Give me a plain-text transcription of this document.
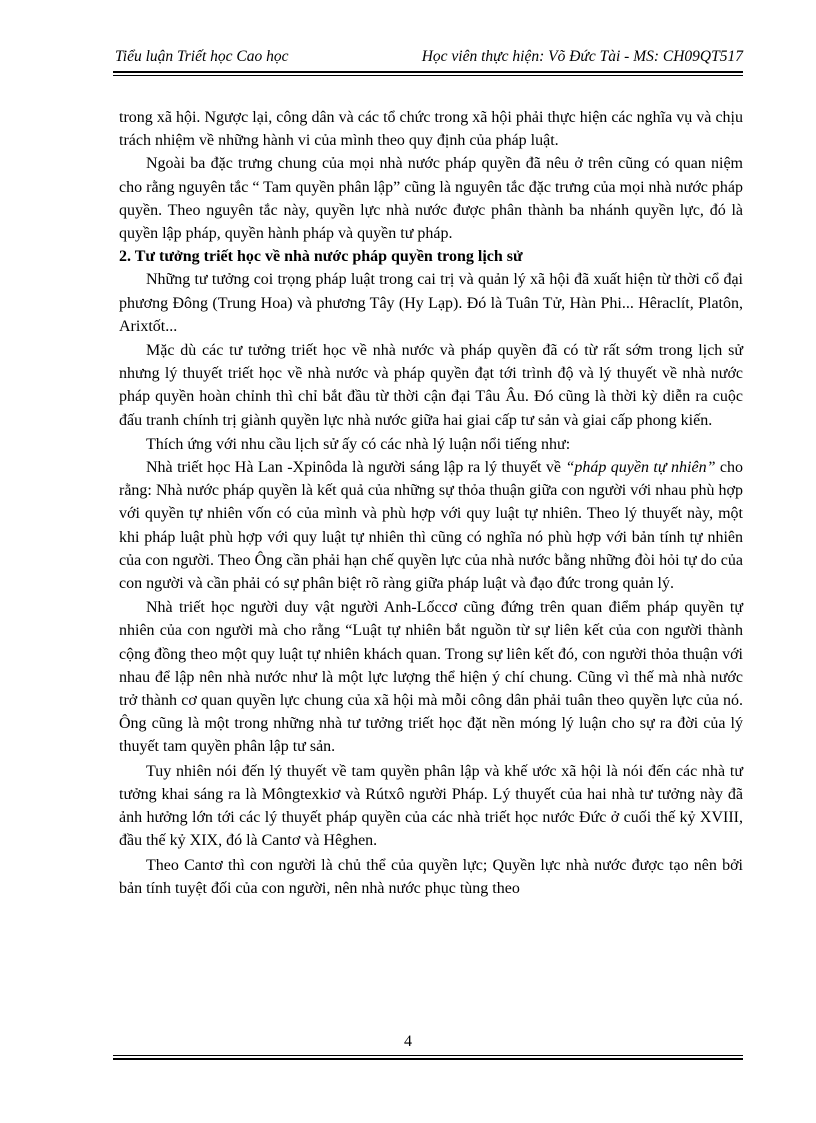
Tiểu luận Triết học Cao học	Học viên thực hiện: Võ Đức Tài - MS: CH09QT517

trong xã hội. Ngược lại, công dân và các tổ chức trong xã hội phải thực hiện các nghĩa vụ và chịu trách nhiệm về những hành vi của mình theo quy định của pháp luật.

Ngoài ba đặc trưng chung của mọi nhà nước pháp quyền đã nêu ở trên cũng có quan niệm cho rằng nguyên tắc “ Tam quyền phân lập” cũng là nguyên tắc đặc trưng của mọi nhà nước pháp quyền. Theo nguyên tắc này, quyền lực nhà nước được phân thành ba nhánh quyền lực, đó là quyền lập pháp, quyền hành pháp và quyền tư pháp.

2. Tư tưởng triết học về nhà nước pháp quyền trong lịch sử

Những tư tưởng coi trọng pháp luật trong cai trị và quản lý xã hội đã xuất hiện từ thời cổ đại phương Đông (Trung Hoa) và phương Tây (Hy Lạp). Đó là Tuân Tử, Hàn Phi... Hêraclít, Platôn, Arixtốt...

Mặc dù các tư tưởng triết học về nhà nước và pháp quyền đã có từ rất sớm trong lịch sử nhưng lý thuyết triết học về nhà nước và pháp quyền đạt tới trình độ và lý thuyết về nhà nước pháp quyền hoàn chỉnh thì chỉ bắt đầu từ thời cận đại Tâu Âu. Đó cũng là thời kỳ diễn ra cuộc đấu tranh chính trị giành quyền lực nhà nước giữa hai giai cấp tư sản và giai cấp phong kiến.

Thích ứng với nhu cầu lịch sử ấy có các nhà lý luận nổi tiếng như:

Nhà triết học Hà Lan -Xpinôda là người sáng lập ra lý thuyết về “pháp quyền tự nhiên” cho rằng: Nhà nước pháp quyền là kết quả của những sự thỏa thuận giữa con người với nhau phù hợp với quyền tự nhiên vốn có của mình và phù hợp với quy luật tự nhiên. Theo lý thuyết này, một khi pháp luật phù hợp với quy luật tự nhiên thì cũng có nghĩa nó phù hợp với bản tính tự nhiên của con người. Theo Ông cần phải hạn chế quyền lực của nhà nước bằng những đòi hỏi tự do của con người và cần phải có sự phân biệt rõ ràng giữa pháp luật và đạo đức trong quản lý.

Nhà triết học người duy vật người Anh-Lốccơ cũng đứng trên quan điểm pháp quyền tự nhiên của con người mà cho rằng “Luật tự nhiên bắt nguồn từ sự liên kết của con người thành cộng đồng theo một quy luật tự nhiên khách quan. Trong sự liên kết đó, con người thỏa thuận với nhau để lập nên nhà nước như là một lực lượng thể hiện ý chí chung. Cũng vì thế mà nhà nước trở thành cơ quan quyền lực chung của xã hội mà mỗi công dân phải tuân theo quyền lực của nó. Ông cũng là một trong những nhà tư tưởng triết học đặt nền móng lý luận cho sự ra đời của lý thuyết tam quyền phân lập tư sản.

Tuy nhiên nói đến lý thuyết về tam quyền phân lập và khế ước xã hội là nói đến các nhà tư tưởng khai sáng ra là Môngtexkiơ và Rútxô người Pháp. Lý thuyết của hai nhà tư tưởng này đã ảnh hưởng lớn tới các lý thuyết pháp quyền của các nhà triết học nước Đức ở cuối thế kỷ XVIII, đầu thế kỷ XIX, đó là Cantơ và Hêghen.

Theo Cantơ thì con người là chủ thể của quyền lực; Quyền lực nhà nước được tạo nên bởi bản tính tuyệt đối của con người, nên nhà nước phục tùng theo

4
